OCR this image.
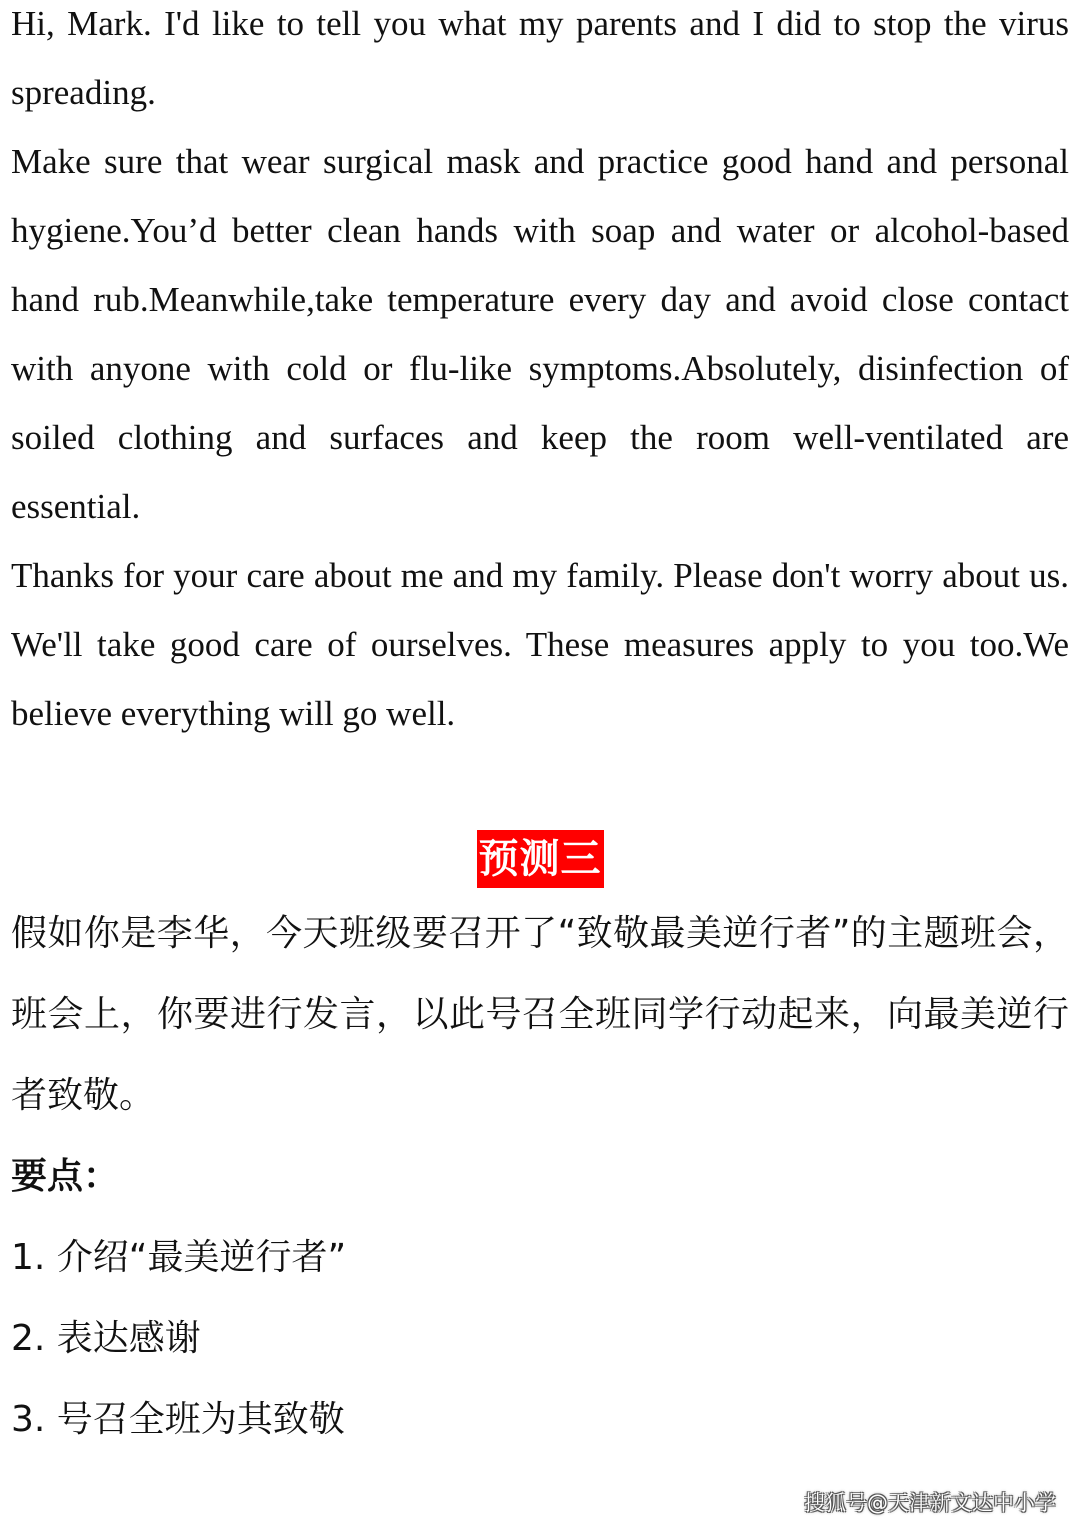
Hi, Mark. I'd like to tell you what my parents and I did to stop the virus spreading.

Make sure that wear surgical mask and practice good hand and personal hygiene.You’d better clean hands with soap and water or alcohol-based hand rub.Meanwhile,take temperature every day and avoid close contact with anyone with cold or flu-like symptoms.Absolutely, disinfection of soiled clothing and surfaces and keep the room well-ventilated are essential.

Thanks for your care about me and my family. Please don't worry about us. We'll take good care of ourselves. These measures apply to you too.We believe everything will go well.

预测三

假如你是李华，今天班级要召开了“致敬最美逆行者”的主题班会，班会上，你要进行发言，以此号召全班同学行动起来，向最美逆行者致敬。

要点：

1. 介绍“最美逆行者”

2. 表达感谢

3. 号召全班为其致敬

搜狐号@天津新文达中小学
